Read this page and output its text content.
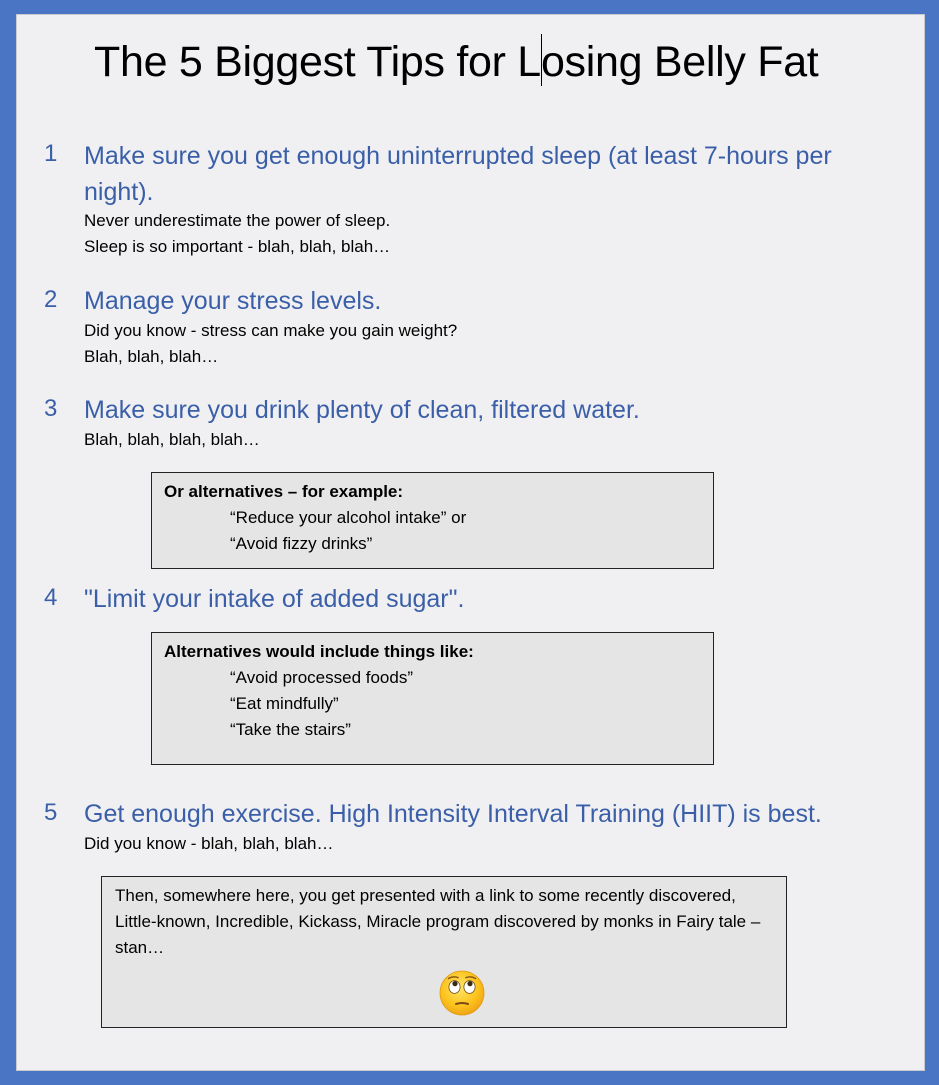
The 5 Biggest Tips for Losing Belly Fat
1 Make sure you get enough uninterrupted sleep (at least 7-hours per night).
Never underestimate the power of sleep.
Sleep is so important - blah, blah, blah…
2 Manage your stress levels.
Did you know - stress can make you gain weight?
Blah, blah, blah…
3 Make sure you drink plenty of clean, filtered water.
Blah, blah, blah, blah…
Or alternatives – for example:
“Reduce your alcohol intake” or
“Avoid fizzy drinks”
4 "Limit your intake of added sugar".
Alternatives would include things like:
“Avoid processed foods”
“Eat mindfully”
“Take the stairs”
5 Get enough exercise. High Intensity Interval Training (HIIT) is best.
Did you know - blah, blah, blah…
Then, somewhere here, you get presented with a link to some recently discovered, Little-known, Incredible, Kickass, Miracle program discovered by monks in Fairy tale – stan…
